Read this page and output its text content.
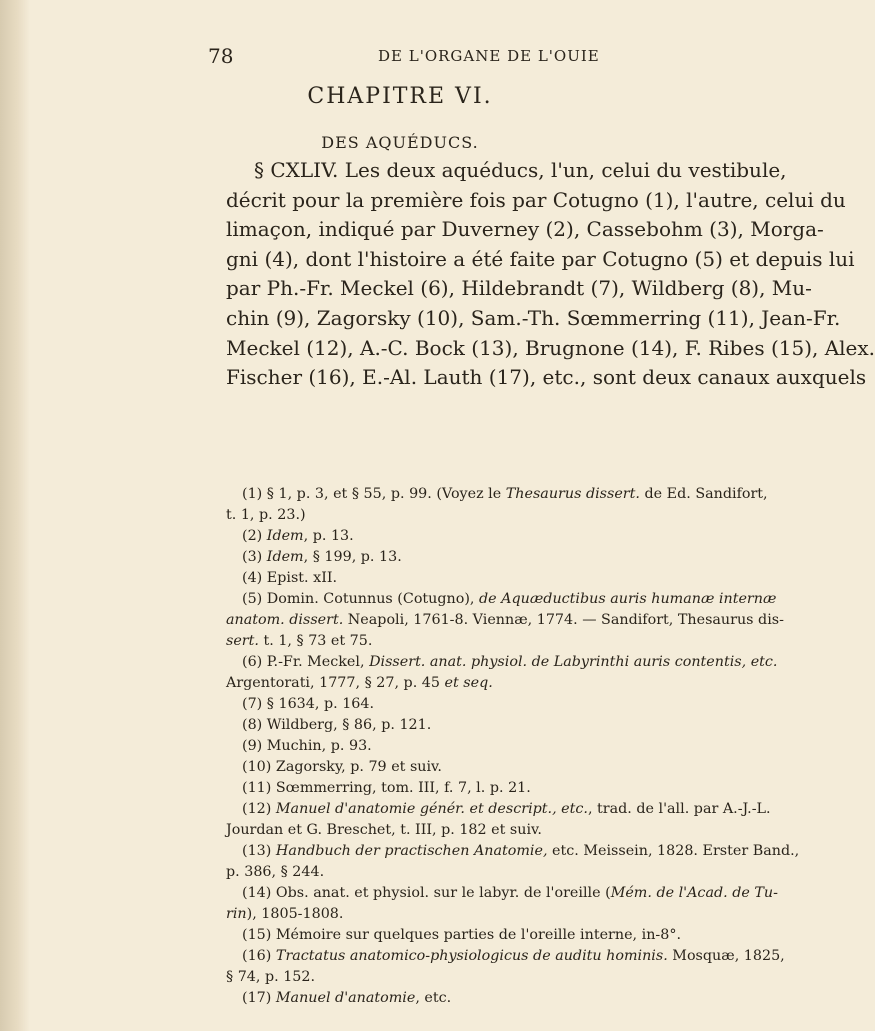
78	DE L'ORGANE DE L'OUIE
CHAPITRE VI.
DES AQUÉDUCS.
§ CXLIV. Les deux aquéducs, l'un, celui du vestibule,
décrit pour la première fois par Cotugno (1), l'autre, celui du
limaçon, indiqué par Duverney (2), Cassebohm (3), Morga-
gni (4), dont l'histoire a été faite par Cotugno (5) et depuis lui
par Ph.-Fr. Meckel (6), Hildebrandt (7), Wildberg (8), Mu-
chin (9), Zagorsky (10), Sam.-Th. Sœmmerring (11), Jean-Fr.
Meckel (12), A.-C. Bock (13), Brugnone (14), F. Ribes (15), Alex.
Fischer (16), E.-Al. Lauth (17), etc., sont deux canaux auxquels
(1) § 1, p. 3, et § 55, p. 99. (Voyez le Thesaurus dissert. de Ed. Sandifort,
t. 1, p. 23.)
(2) Idem, p. 13.
(3) Idem, § 199, p. 13.
(4) Epist. xII.
(5) Domin. Cotunnus (Cotugno), de Aquæductibus auris humanæ internæ
anatom. dissert. Neapoli, 1761-8. Viennæ, 1774. — Sandifort, Thesaurus dis-
sert. t. 1, § 73 et 75.
(6) P.-Fr. Meckel, Dissert. anat. physiol. de Labyrinthi auris contentis, etc.
Argentorati, 1777, § 27, p. 45 et seq.
(7) § 1634, p. 164.
(8) Wildberg, § 86, p. 121.
(9) Muchin, p. 93.
(10) Zagorsky, p. 79 et suiv.
(11) Sœmmerring, tom. III, f. 7, l. p. 21.
(12) Manuel d'anatomie génér. et descript., etc., trad. de l'all. par A.-J.-L.
Jourdan et G. Breschet, t. III, p. 182 et suiv.
(13) Handbuch der practischen Anatomie, etc. Meissein, 1828. Erster Band.,
p. 386, § 244.
(14) Obs. anat. et physiol. sur le labyr. de l'oreille (Mém. de l'Acad. de Tu-
rin), 1805-1808.
(15) Mémoire sur quelques parties de l'oreille interne, in-8°.
(16) Tractatus anatomico-physiologicus de auditu hominis. Mosquæ, 1825,
§ 74, p. 152.
(17) Manuel d'anatomie, etc.
